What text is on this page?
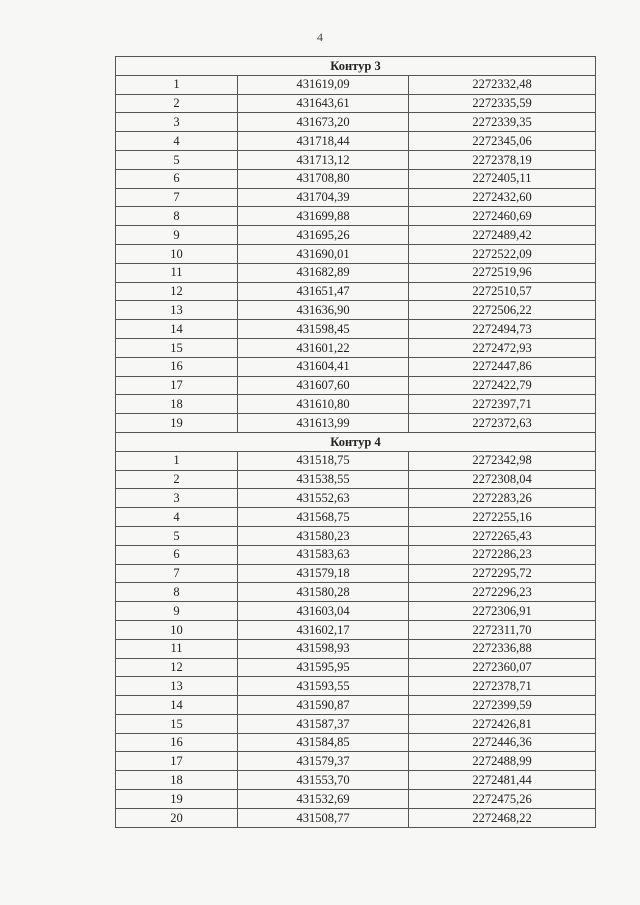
4
Контур 3		
1	431619,09	2272332,48
2	431643,61	2272335,59
3	431673,20	2272339,35
4	431718,44	2272345,06
5	431713,12	2272378,19
6	431708,80	2272405,11
7	431704,39	2272432,60
8	431699,88	2272460,69
9	431695,26	2272489,42
10	431690,01	2272522,09
11	431682,89	2272519,96
12	431651,47	2272510,57
13	431636,90	2272506,22
14	431598,45	2272494,73
15	431601,22	2272472,93
16	431604,41	2272447,86
17	431607,60	2272422,79
18	431610,80	2272397,71
19	431613,99	2272372,63
Контур 4		
1	431518,75	2272342,98
2	431538,55	2272308,04
3	431552,63	2272283,26
4	431568,75	2272255,16
5	431580,23	2272265,43
6	431583,63	2272286,23
7	431579,18	2272295,72
8	431580,28	2272296,23
9	431603,04	2272306,91
10	431602,17	2272311,70
11	431598,93	2272336,88
12	431595,95	2272360,07
13	431593,55	2272378,71
14	431590,87	2272399,59
15	431587,37	2272426,81
16	431584,85	2272446,36
17	431579,37	2272488,99
18	431553,70	2272481,44
19	431532,69	2272475,26
20	431508,77	2272468,22
